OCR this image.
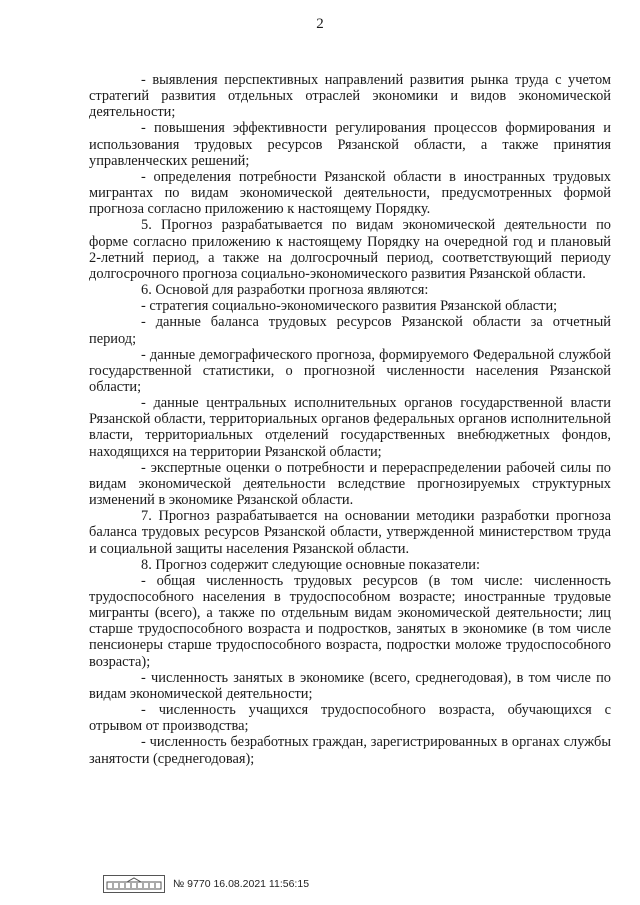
2

- выявления перспективных направлений развития рынка труда с учетом стратегий развития отдельных отраслей экономики и видов экономической деятельности;

- повышения эффективности регулирования процессов формирования и использования трудовых ресурсов Рязанской области, а также принятия управленческих решений;

- определения потребности Рязанской области в иностранных трудовых мигрантах по видам экономической деятельности, предусмотренных формой прогноза согласно приложению к настоящему Порядку.

5. Прогноз разрабатывается по видам экономической деятельности по форме согласно приложению к настоящему Порядку на очередной год и плановый 2-летний период, а также на долгосрочный период, соответствующий периоду долгосрочного прогноза социально-экономического развития Рязанской области.

6. Основой для разработки прогноза являются:

- стратегия социально-экономического развития Рязанской области;

- данные баланса трудовых ресурсов Рязанской области за отчетный период;

- данные демографического прогноза, формируемого Федеральной службой государственной статистики, о прогнозной численности населения Рязанской области;

- данные центральных исполнительных органов государственной власти Рязанской области, территориальных органов федеральных органов исполнительной власти, территориальных отделений государственных внебюджетных фондов, находящихся на территории Рязанской области;

- экспертные оценки о потребности и перераспределении рабочей силы по видам экономической деятельности вследствие прогнозируемых структурных изменений в экономике Рязанской области.

7. Прогноз разрабатывается на основании методики разработки прогноза баланса трудовых ресурсов Рязанской области, утвержденной министерством труда и социальной защиты населения Рязанской области.

8. Прогноз содержит следующие основные показатели:

- общая численность трудовых ресурсов (в том числе: численность трудоспособного населения в трудоспособном возрасте; иностранные трудовые мигранты (всего), а также по отдельным видам экономической деятельности; лиц старше трудоспособного возраста и подростков, занятых в экономике (в том числе пенсионеры старше трудоспособного возраста, подростки моложе трудоспособного возраста);

- численность занятых в экономике (всего, среднегодовая), в том числе по видам экономической деятельности;

- численность учащихся трудоспособного возраста, обучающихся с отрывом от производства;

- численность безработных граждан, зарегистрированных в органах службы занятости (среднегодовая);

№ 9770 16.08.2021 11:56:15
